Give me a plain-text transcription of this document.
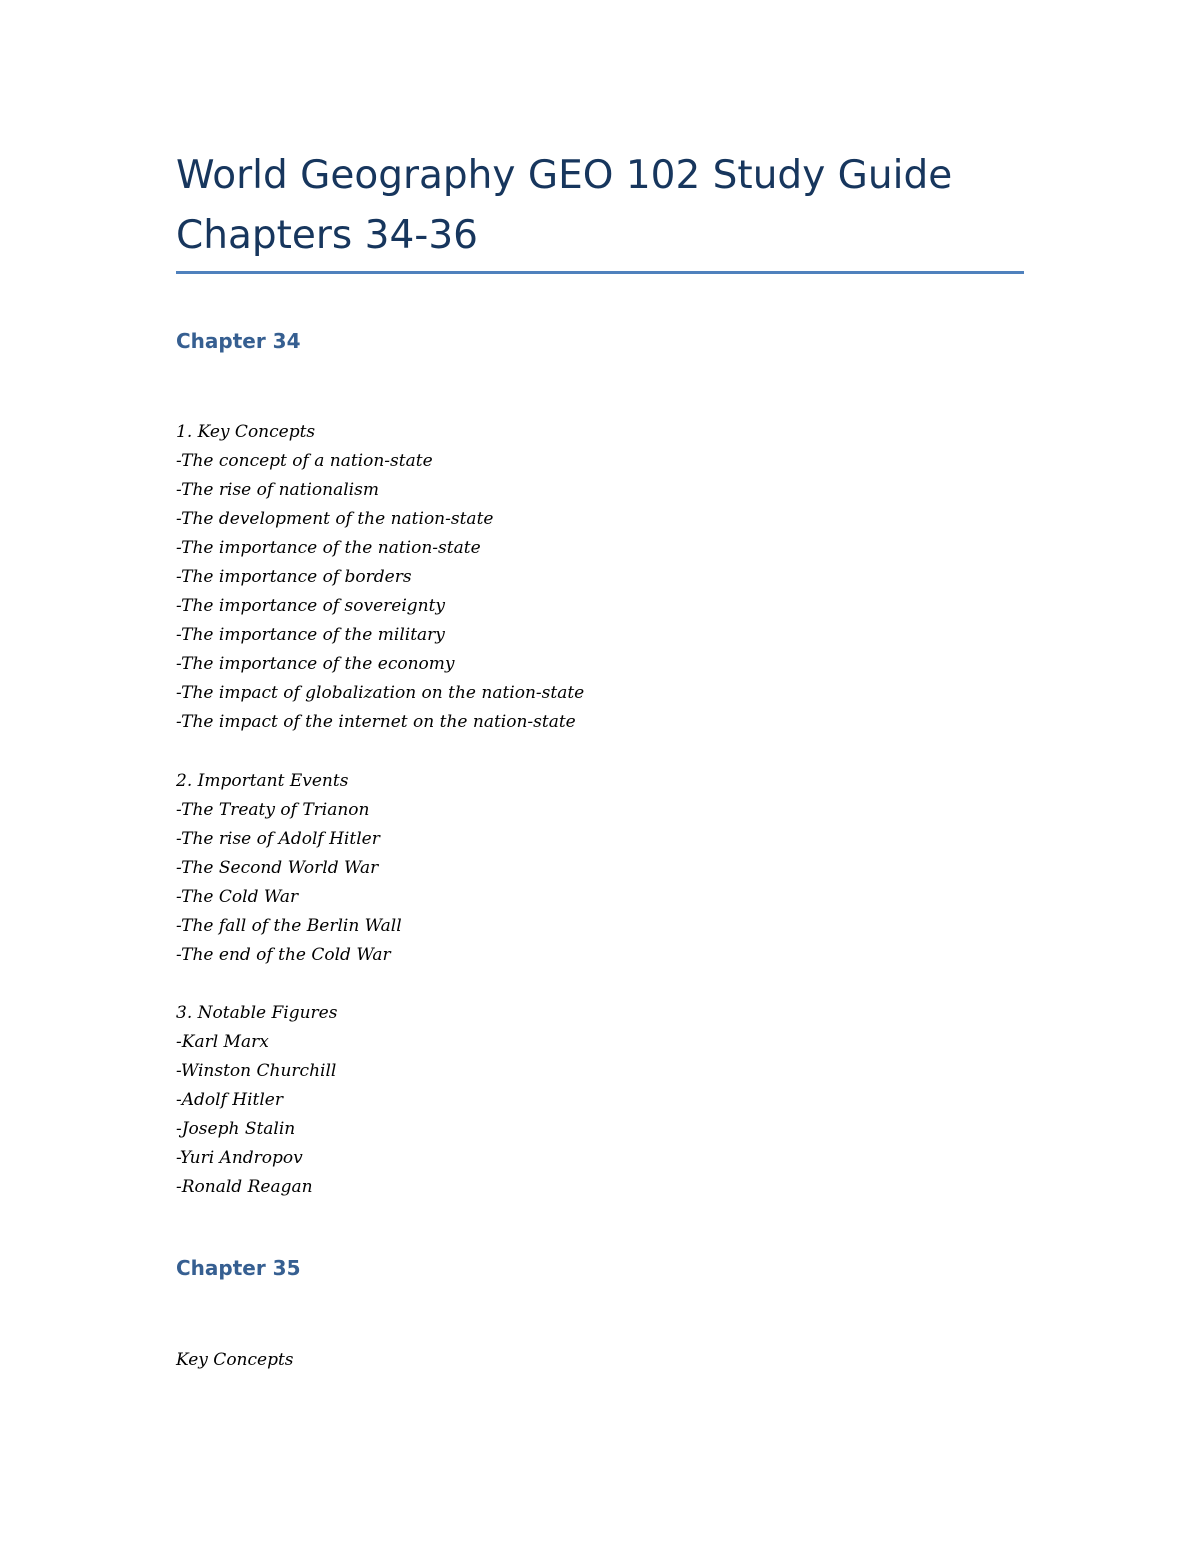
World Geography GEO 102 Study Guide Chapters 34-36
Chapter 34
1. Key Concepts
-The concept of a nation-state
-The rise of nationalism
-The development of the nation-state
-The importance of the nation-state
-The importance of borders
-The importance of sovereignty
-The importance of the military
-The importance of the economy
-The impact of globalization on the nation-state
-The impact of the internet on the nation-state
2. Important Events
-The Treaty of Trianon
-The rise of Adolf Hitler
-The Second World War
-The Cold War
-The fall of the Berlin Wall
-The end of the Cold War
3. Notable Figures
-Karl Marx
-Winston Churchill
-Adolf Hitler
-Joseph Stalin
-Yuri Andropov
-Ronald Reagan
Chapter 35
Key Concepts
